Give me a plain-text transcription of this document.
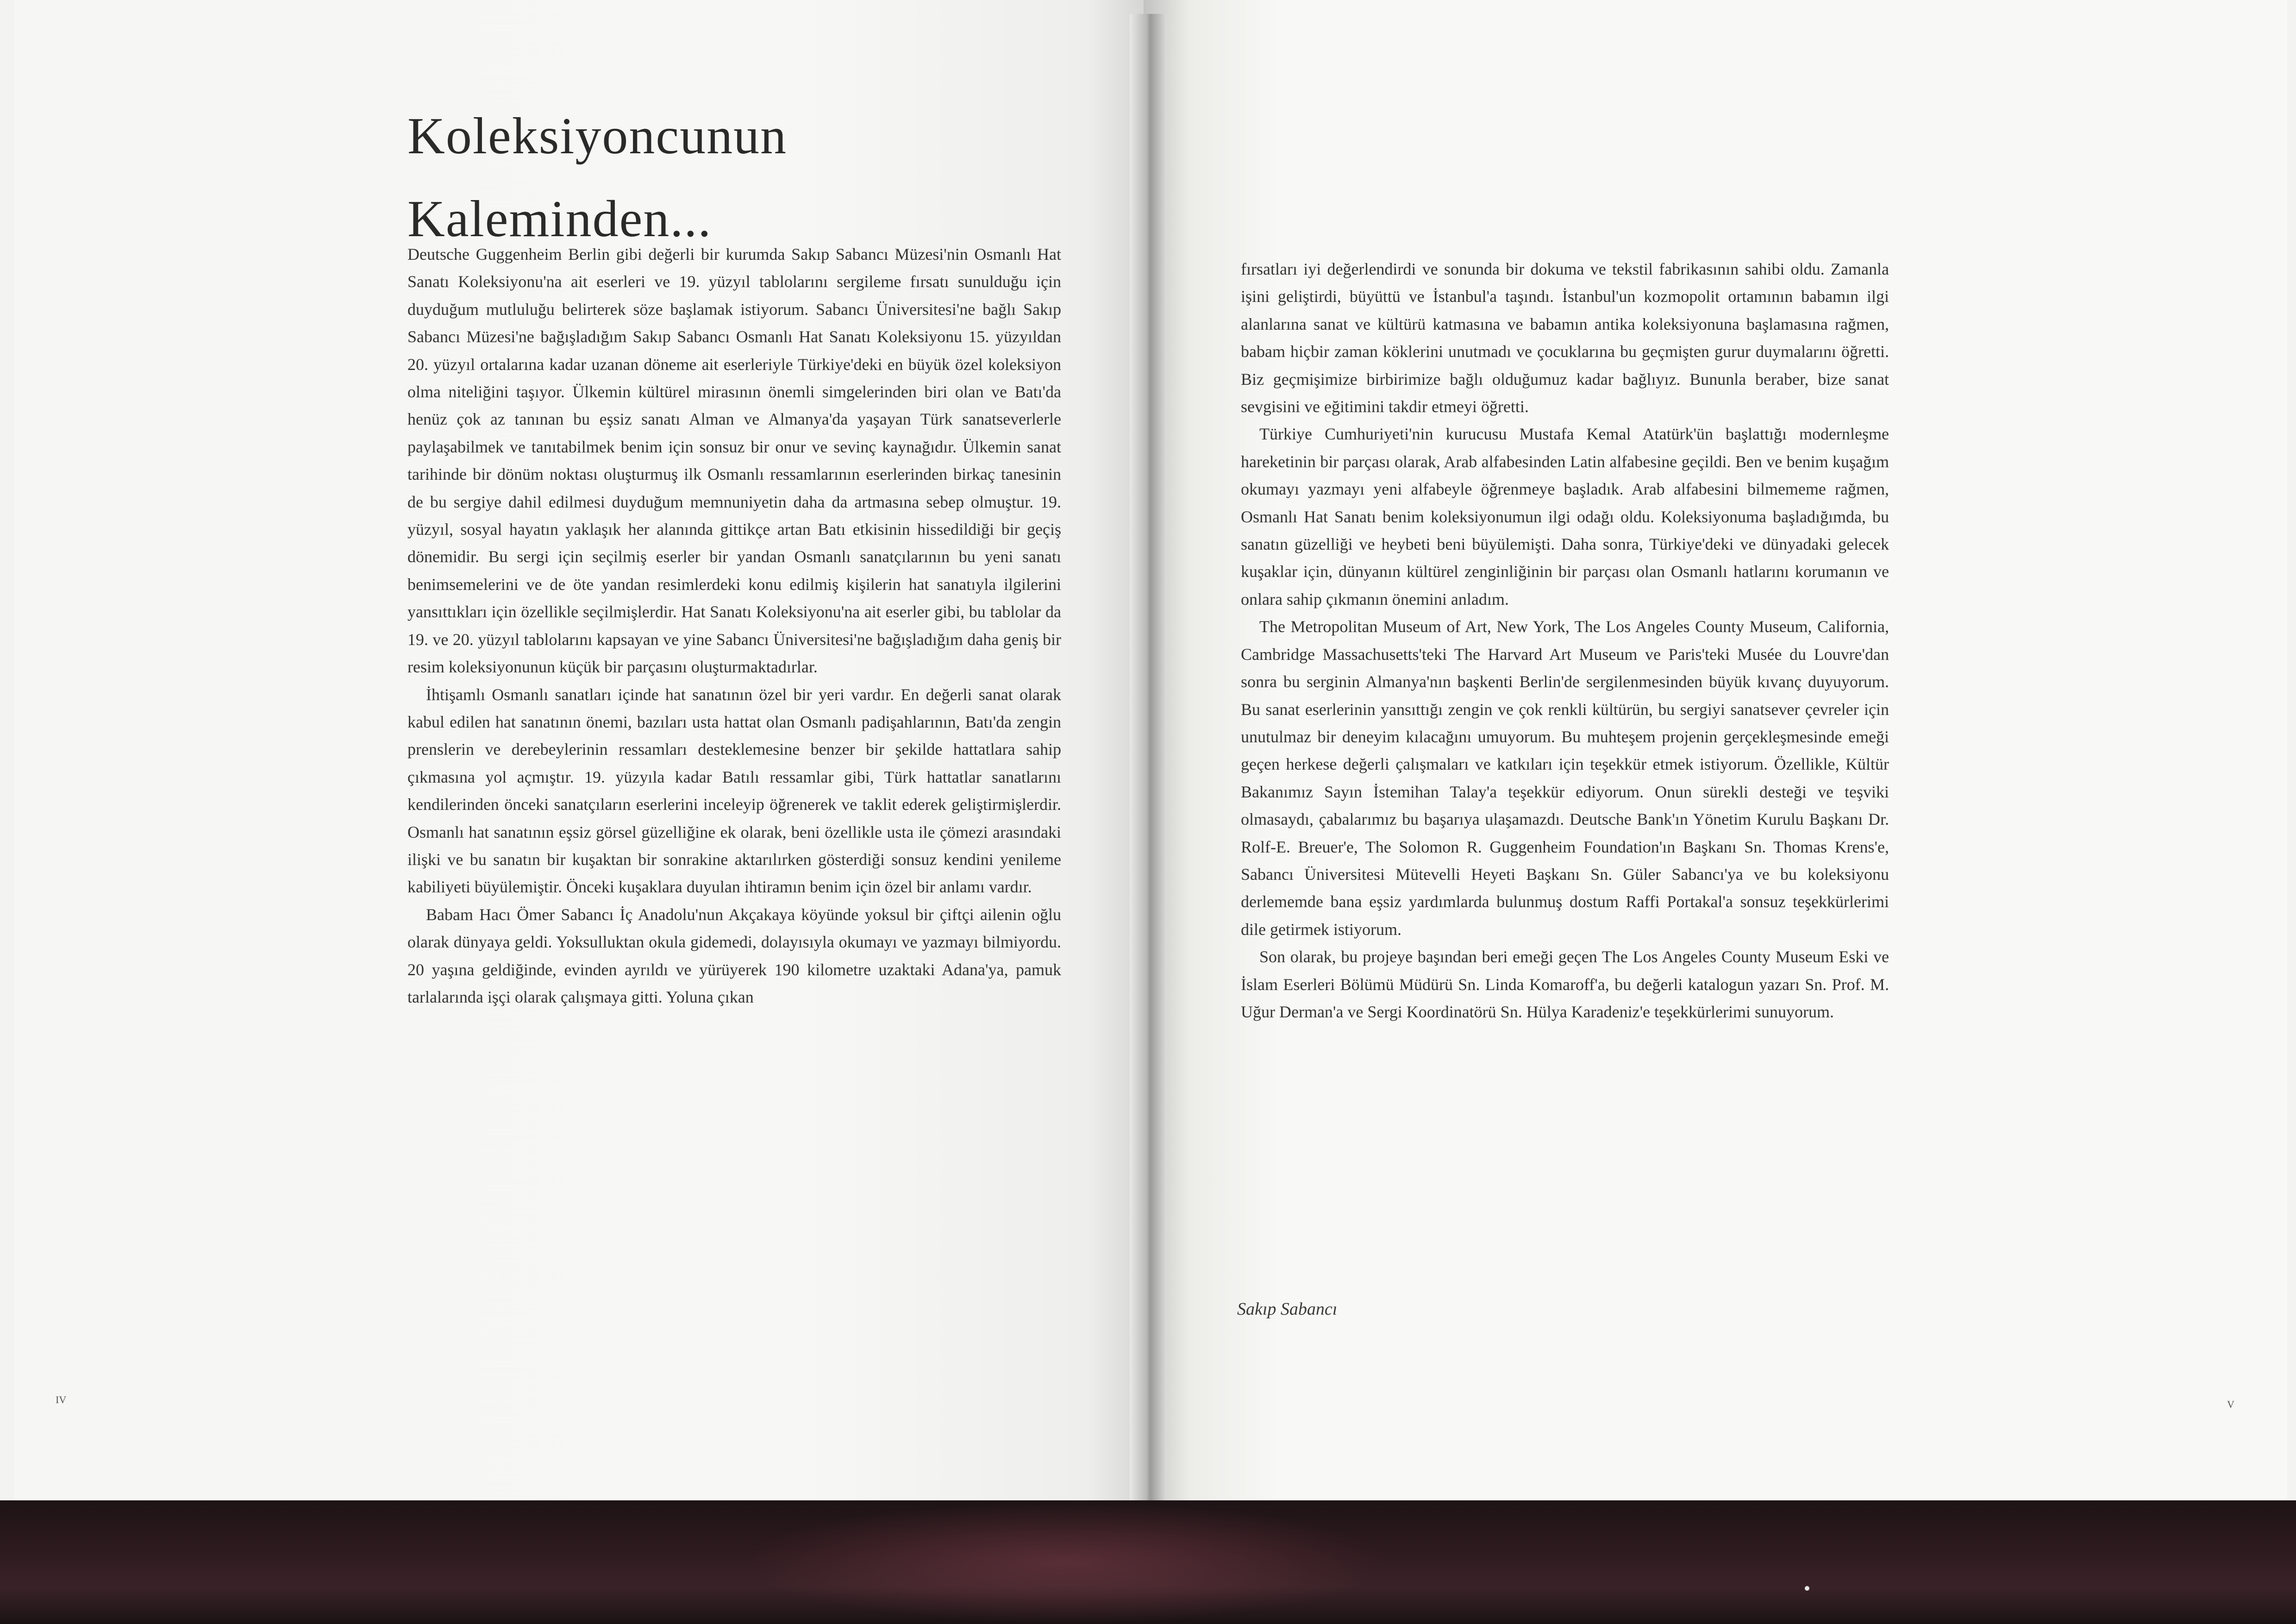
Koleksiyoncunun
Kaleminden...

Deutsche Guggenheim Berlin gibi değerli bir kurumda Sakıp Sabancı Müzesi'nin Osmanlı Hat Sanatı Koleksiyonu'na ait eserleri ve 19. yüzyıl tablolarını sergileme fırsatı sunulduğu için duyduğum mutluluğu belirterek söze başlamak istiyorum. Sabancı Üniversitesi'ne bağlı Sakıp Sabancı Müzesi'ne bağışladığım Sakıp Sabancı Osmanlı Hat Sanatı Koleksiyonu 15. yüzyıldan 20. yüzyıl ortalarına kadar uzanan döneme ait eserleriyle Türkiye'deki en büyük özel koleksiyon olma niteliğini taşıyor. Ülkemin kültürel mirasının önemli simgelerinden biri olan ve Batı'da henüz çok az tanınan bu eşsiz sanatı Alman ve Almanya'da yaşayan Türk sanatseverlerle paylaşabilmek ve tanıtabilmek benim için sonsuz bir onur ve sevinç kaynağıdır. Ülkemin sanat tarihinde bir dönüm noktası oluşturmuş ilk Osmanlı ressamlarının eserlerinden birkaç tanesinin de bu sergiye dahil edilmesi duyduğum memnuniyetin daha da artmasına sebep olmuştur. 19. yüzyıl, sosyal hayatın yaklaşık her alanında gittikçe artan Batı etkisinin hissedildiği bir geçiş dönemidir. Bu sergi için seçilmiş eserler bir yandan Osmanlı sanatçılarının bu yeni sanatı benimsemelerini ve de öte yandan resimlerdeki konu edilmiş kişilerin hat sanatıyla ilgilerini yansıttıkları için özellikle seçilmişlerdir. Hat Sanatı Koleksiyonu'na ait eserler gibi, bu tablolar da 19. ve 20. yüzyıl tablolarını kapsayan ve yine Sabancı Üniversitesi'ne bağışladığım daha geniş bir resim koleksiyonunun küçük bir parçasını oluşturmaktadırlar.

İhtişamlı Osmanlı sanatları içinde hat sanatının özel bir yeri vardır. En değerli sanat olarak kabul edilen hat sanatının önemi, bazıları usta hattat olan Osmanlı padişahlarının, Batı'da zengin prenslerin ve derebeylerinin ressamları desteklemesine benzer bir şekilde hattatlara sahip çıkmasına yol açmıştır. 19. yüzyıla kadar Batılı ressamlar gibi, Türk hattatlar sanatlarını kendilerinden önceki sanatçıların eserlerini inceleyip öğrenerek ve taklit ederek geliştirmişlerdir. Osmanlı hat sanatının eşsiz görsel güzelliğine ek olarak, beni özellikle usta ile çömezi arasındaki ilişki ve bu sanatın bir kuşaktan bir sonrakine aktarılırken gösterdiği sonsuz kendini yenileme kabiliyeti büyülemiştir. Önceki kuşaklara duyulan ihtiramın benim için özel bir anlamı vardır.

Babam Hacı Ömer Sabancı İç Anadolu'nun Akçakaya köyünde yoksul bir çiftçi ailenin oğlu olarak dünyaya geldi. Yoksulluktan okula gidemedi, dolayısıyla okumayı ve yazmayı bilmiyordu. 20 yaşına geldiğinde, evinden ayrıldı ve yürüyerek 190 kilometre uzaktaki Adana'ya, pamuk tarlalarında işçi olarak çalışmaya gitti. Yoluna çıkan

fırsatları iyi değerlendirdi ve sonunda bir dokuma ve tekstil fabrikasının sahibi oldu. Zamanla işini geliştirdi, büyüttü ve İstanbul'a taşındı. İstanbul'un kozmopolit ortamının babamın ilgi alanlarına sanat ve kültürü katmasına ve babamın antika koleksiyonuna başlamasına rağmen, babam hiçbir zaman köklerini unutmadı ve çocuklarına bu geçmişten gurur duymalarını öğretti. Biz geçmişimize birbirimize bağlı olduğumuz kadar bağlıyız. Bununla beraber, bize sanat sevgisini ve eğitimini takdir etmeyi öğretti.

Türkiye Cumhuriyeti'nin kurucusu Mustafa Kemal Atatürk'ün başlattığı modernleşme hareketinin bir parçası olarak, Arab alfabesinden Latin alfabesine geçildi. Ben ve benim kuşağım okumayı yazmayı yeni alfabeyle öğrenmeye başladık. Arab alfabesini bilmememe rağmen, Osmanlı Hat Sanatı benim koleksiyonumun ilgi odağı oldu. Koleksiyonuma başladığımda, bu sanatın güzelliği ve heybeti beni büyülemişti. Daha sonra, Türkiye'deki ve dünyadaki gelecek kuşaklar için, dünyanın kültürel zenginliğinin bir parçası olan Osmanlı hatlarını korumanın ve onlara sahip çıkmanın önemini anladım.

The Metropolitan Museum of Art, New York, The Los Angeles County Museum, California, Cambridge Massachusetts'teki The Harvard Art Museum ve Paris'teki Musée du Louvre'dan sonra bu serginin Almanya'nın başkenti Berlin'de sergilenmesinden büyük kıvanç duyuyorum. Bu sanat eserlerinin yansıttığı zengin ve çok renkli kültürün, bu sergiyi sanatsever çevreler için unutulmaz bir deneyim kılacağını umuyorum. Bu muhteşem projenin gerçekleşmesinde emeği geçen herkese değerli çalışmaları ve katkıları için teşekkür etmek istiyorum. Özellikle, Kültür Bakanımız Sayın İstemihan Talay'a teşekkür ediyorum. Onun sürekli desteği ve teşviki olmasaydı, çabalarımız bu başarıya ulaşamazdı. Deutsche Bank'ın Yönetim Kurulu Başkanı Dr. Rolf-E. Breuer'e, The Solomon R. Guggenheim Foundation'ın Başkanı Sn. Thomas Krens'e, Sabancı Üniversitesi Mütevelli Heyeti Başkanı Sn. Güler Sabancı'ya ve bu koleksiyonu derlememde bana eşsiz yardımlarda bulunmuş dostum Raffi Portakal'a sonsuz teşekkürlerimi dile getirmek istiyorum.

Son olarak, bu projeye başından beri emeği geçen The Los Angeles County Museum Eski ve İslam Eserleri Bölümü Müdürü Sn. Linda Komaroff'a, bu değerli katalogun yazarı Sn. Prof. M. Uğur Derman'a ve Sergi Koordinatörü Sn. Hülya Karadeniz'e teşekkürlerimi sunuyorum.

Sakıp Sabancı
IV	V
